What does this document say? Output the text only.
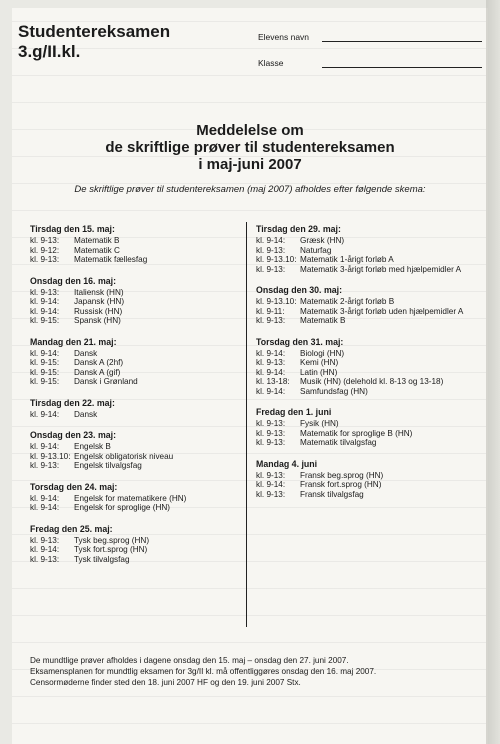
Studentereksamen
3.g/II.kl.
Elevens navn
Klasse
Meddelelse om
de skriftlige prøver til studentereksamen
i maj-juni 2007
De skriftlige prøver til studentereksamen (maj 2007) afholdes efter følgende skema:
Tirsdag den 15. maj:
kl. 9-13:	Matematik B
kl. 9-12:	Matematik C
kl. 9-13:	Matematik fællesfag
Onsdag den 16. maj:
kl. 9-13:	Italiensk (HN)
kl. 9-14:	Japansk (HN)
kl. 9-14:	Russisk (HN)
kl. 9-15:	Spansk (HN)
Mandag den 21. maj:
kl. 9-14:	Dansk
kl. 9-15:	Dansk A (2hf)
kl. 9-15:	Dansk A (gif)
kl. 9-15:	Dansk i Grønland
Tirsdag den 22. maj:
kl. 9-14:	Dansk
Onsdag den 23. maj:
kl. 9-14:	Engelsk B
kl. 9-13.10: Engelsk obligatorisk niveau
kl. 9-13:	Engelsk tilvalgsfag
Torsdag den 24. maj:
kl. 9-14:	Engelsk for matematikere (HN)
kl. 9-14:	Engelsk for sproglige (HN)
Fredag den 25. maj:
kl. 9-13:	Tysk beg.sprog (HN)
kl. 9-14:	Tysk fort.sprog (HN)
kl. 9-13:	Tysk tilvalgsfag
Tirsdag den 29. maj:
kl. 9-14:	Græsk (HN)
kl. 9-13:	Naturfag
kl. 9-13.10: Matematik 1-årigt forløb A
kl. 9-13:	Matematik 3-årigt forløb med hjælpemidler A
Onsdag den 30. maj:
kl. 9-13.10: Matematik 2-årigt forløb B
kl. 9-11:	Matematik 3-årigt forløb uden hjælpemidler A
kl. 9-13:	Matematik B
Torsdag den 31. maj:
kl. 9-14:	Biologi (HN)
kl. 9-13:	Kemi (HN)
kl. 9-14:	Latin (HN)
kl. 13-18:	Musik (HN) (delehold kl. 8-13 og 13-18)
kl. 9-14:	Samfundsfag (HN)
Fredag den 1. juni
kl. 9-13:	Fysik (HN)
kl. 9-13:	Matematik for sproglige B (HN)
kl. 9-13:	Matematik tilvalgsfag
Mandag 4. juni
kl. 9-13:	Fransk beg.sprog (HN)
kl. 9-14:	Fransk fort.sprog (HN)
kl. 9-13:	Fransk tilvalgsfag
De mundtlige prøver afholdes i dagene onsdag den 15. maj – onsdag den 27. juni 2007.
Eksamensplanen for mundtlig eksamen for 3g/II kl. må offentliggøres onsdag den 16. maj 2007.
Censormøderne finder sted den 18. juni 2007 HF og den 19. juni 2007 Stx.
